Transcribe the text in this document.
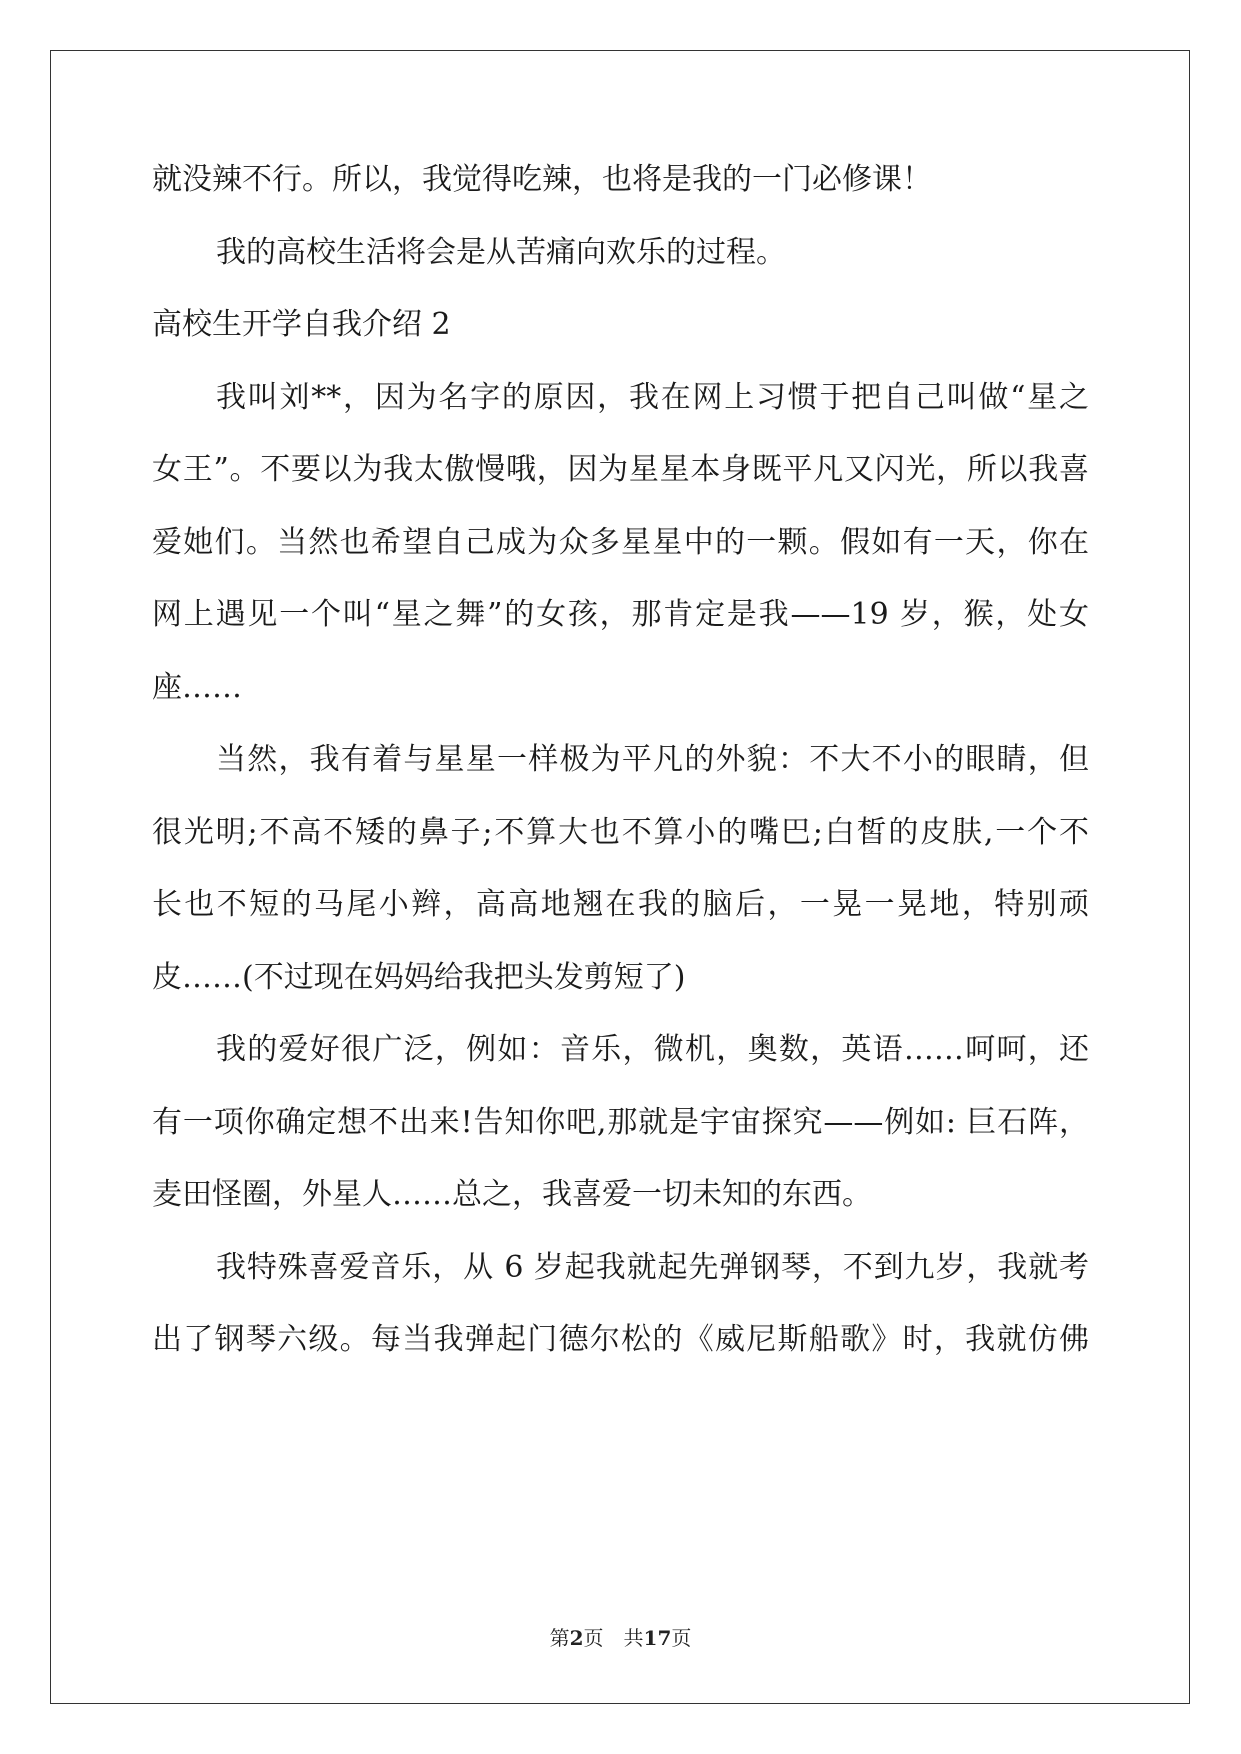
就没辣不行。所以，我觉得吃辣，也将是我的一门必修课！
我的高校生活将会是从苦痛向欢乐的过程。
高校生开学自我介绍 2
我叫刘**，因为名字的原因，我在网上习惯于把自己叫做“星之
女王”。不要以为我太傲慢哦，因为星星本身既平凡又闪光，所以我喜
爱她们。当然也希望自己成为众多星星中的一颗。假如有一天，你在
网上遇见一个叫“星之舞”的女孩，那肯定是我——19 岁，猴，处女
座……
当然，我有着与星星一样极为平凡的外貌：不大不小的眼睛，但
很光明;不高不矮的鼻子;不算大也不算小的嘴巴;白皙的皮肤,一个不
长也不短的马尾小辫，高高地翘在我的脑后，一晃一晃地，特别顽
皮……(不过现在妈妈给我把头发剪短了)
我的爱好很广泛，例如：音乐，微机，奥数，英语……呵呵，还
有一项你确定想不出来!告知你吧,那就是宇宙探究——例如: 巨石阵，
麦田怪圈，外星人……总之，我喜爱一切未知的东西。
我特殊喜爱音乐，从 6 岁起我就起先弹钢琴，不到九岁，我就考
出了钢琴六级。每当我弹起门德尔松的《威尼斯船歌》时，我就仿佛
第2页　共17页
